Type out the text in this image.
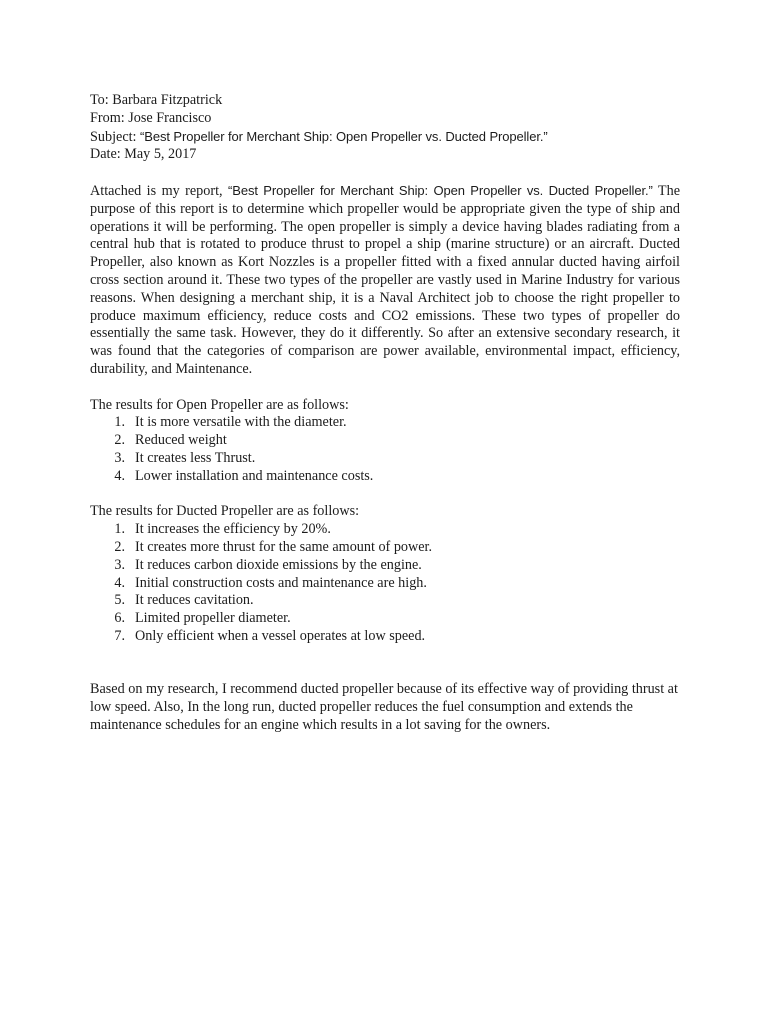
To: Barbara Fitzpatrick

From: Jose Francisco

Subject: “Best Propeller for Merchant Ship: Open Propeller vs. Ducted Propeller.”

Date: May 5, 2017

Attached is my report, “Best Propeller for Merchant Ship: Open Propeller vs. Ducted Propeller.” The purpose of this report is to determine which propeller would be appropriate given the type of ship and operations it will be performing. The open propeller is simply a device having blades radiating from a central hub that is rotated to produce thrust to propel a ship (marine structure) or an aircraft. Ducted Propeller, also known as Kort Nozzles is a propeller fitted with a fixed annular ducted having airfoil cross section around it. These two types of the propeller are vastly used in Marine Industry for various reasons. When designing a merchant ship, it is a Naval Architect job to choose the right propeller to produce maximum efficiency, reduce costs and CO2 emissions. These two types of propeller do essentially the same task. However, they do it differently. So after an extensive secondary research, it was found that the categories of comparison are power available, environmental impact, efficiency, durability, and Maintenance.

The results for Open Propeller are as follows:

1. It is more versatile with the diameter.
2. Reduced weight
3. It creates less Thrust.
4. Lower installation and maintenance costs.

The results for Ducted Propeller are as follows:

1. It increases the efficiency by 20%.
2. It creates more thrust for the same amount of power.
3. It reduces carbon dioxide emissions by the engine.
4. Initial construction costs and maintenance are high.
5. It reduces cavitation.
6. Limited propeller diameter.
7. Only efficient when a vessel operates at low speed.

Based on my research, I recommend ducted propeller because of its effective way of providing thrust at low speed. Also, In the long run, ducted propeller reduces the fuel consumption and extends the maintenance schedules for an engine which results in a lot saving for the owners.
